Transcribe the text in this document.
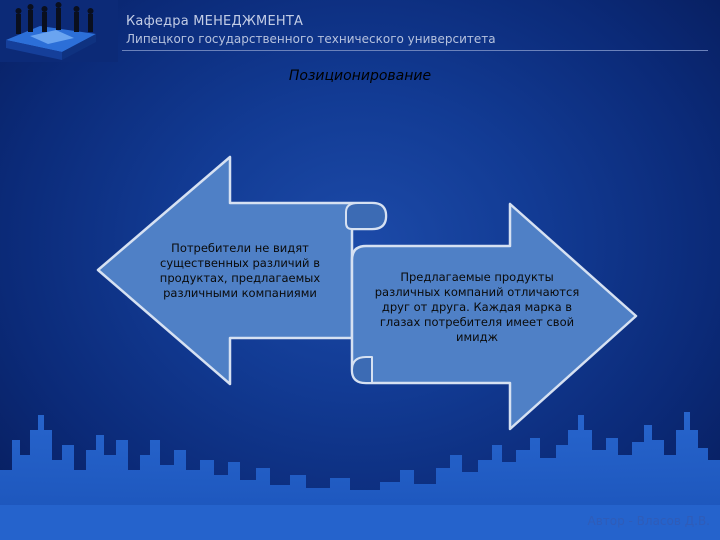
Кафедра МЕНЕДЖМЕНТА
Липецкого государственного технического университета
Позиционирование
Потребители не видят существенных различий в продуктах, предлагаемых различными компаниями
Предлагаемые продукты различных компаний отличаются друг от друга. Каждая марка в глазах потребителя имеет свой имидж
Автор - Власов Д.В.
